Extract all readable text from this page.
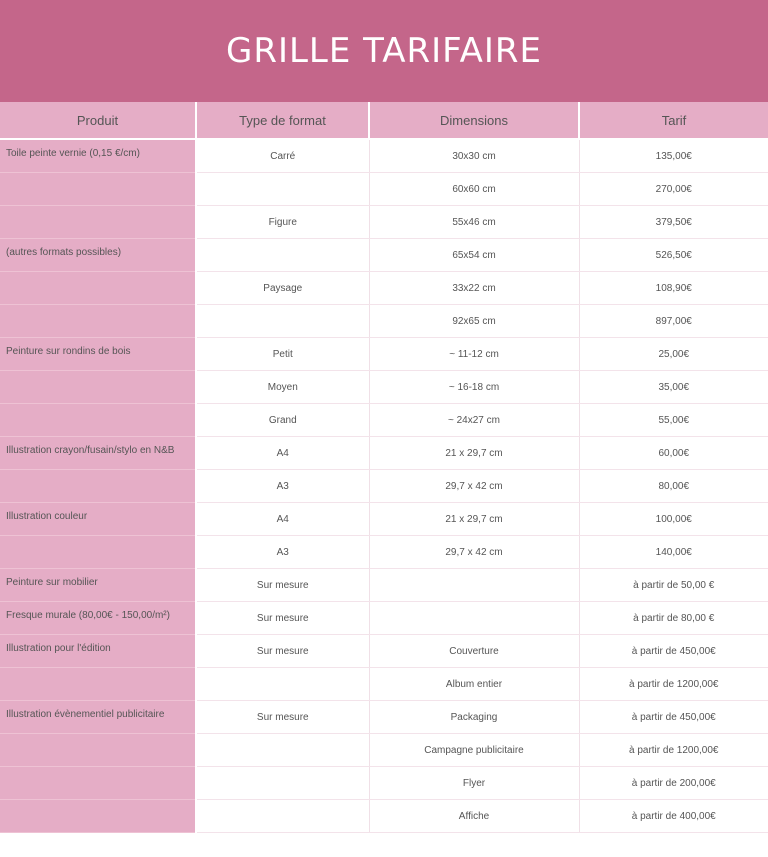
GRILLE TARIFAIRE
Produit	Type de format	Dimensions	Tarif
Toile peinte vernie (0,15 €/cm)	Carré	30x30 cm	135,00€
		60x60 cm	270,00€
	Figure	55x46 cm	379,50€
(autres formats possibles)		65x54 cm	526,50€
	Paysage	33x22 cm	108,90€
		92x65 cm	897,00€
Peinture sur rondins de bois	Petit	~ 11-12 cm	25,00€
	Moyen	~ 16-18 cm	35,00€
	Grand	~ 24x27 cm	55,00€
Illustration crayon/fusain/stylo en N&B	A4	21 x 29,7 cm	60,00€
	A3	29,7 x 42 cm	80,00€
Illustration couleur	A4	21 x 29,7 cm	100,00€
	A3	29,7 x 42 cm	140,00€
Peinture sur mobilier	Sur mesure		à partir de 50,00 €
Fresque murale (80,00€ - 150,00/m²)	Sur mesure		à partir de 80,00 €
Illustration pour l'édition	Sur mesure	Couverture	à partir de 450,00€
		Album entier	à partir de 1200,00€
Illustration évènementiel publicitaire	Sur mesure	Packaging	à partir de 450,00€
		Campagne publicitaire	à partir de 1200,00€
		Flyer	à partir de 200,00€
		Affiche	à partir de 400,00€
